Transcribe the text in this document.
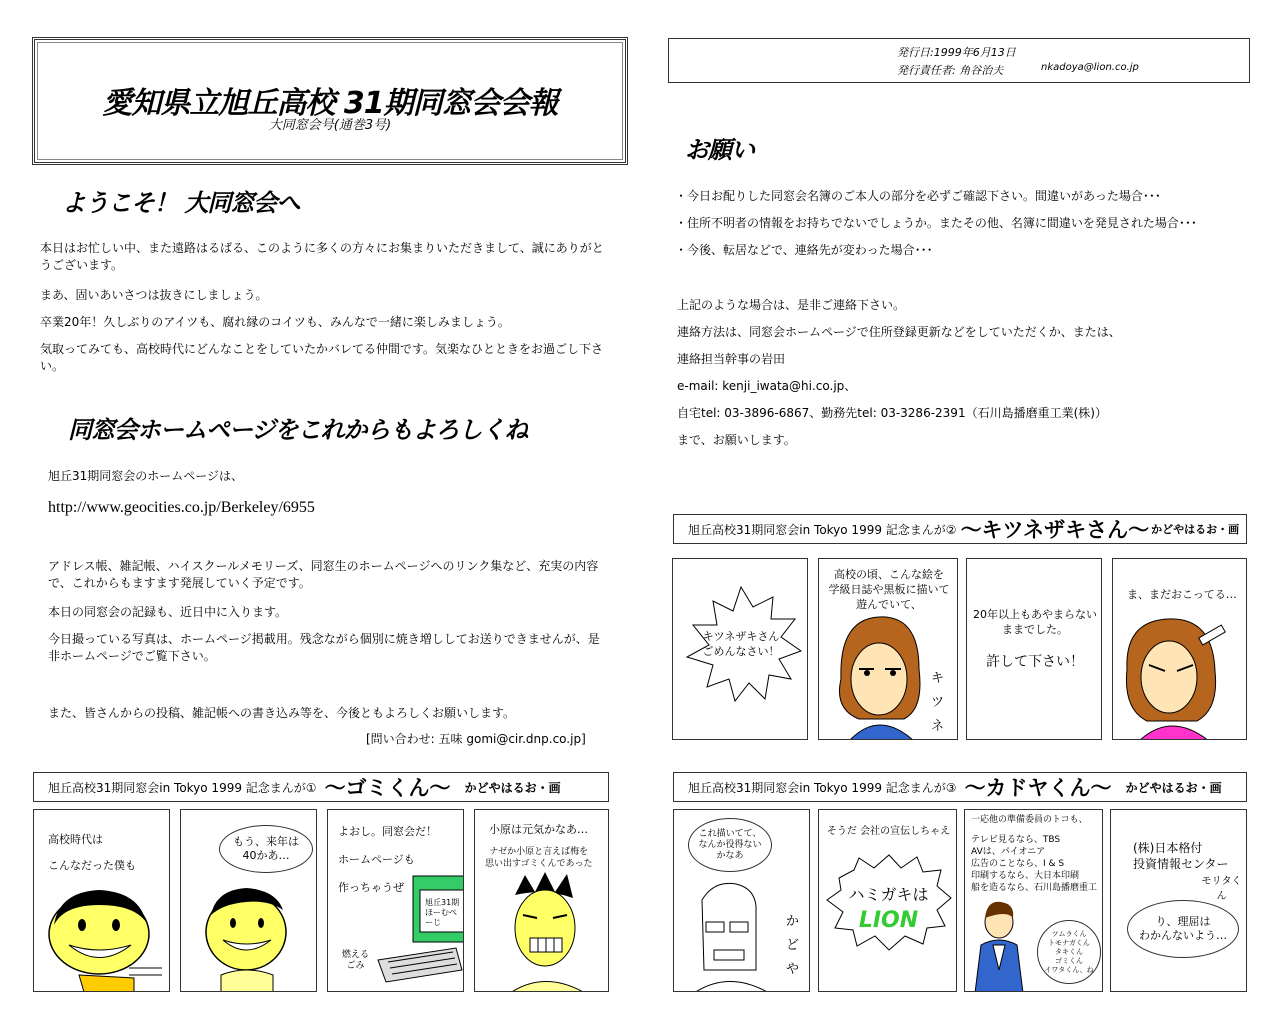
愛知県立旭丘高校 31期同窓会会報
大同窓会号(通巻3号)
ようこそ！ 大同窓会へ
本日はお忙しい中、また遠路はるばる、このように多くの方々にお集まりいただきまして、誠にありがとうございます。
まあ、固いあいさつは抜きにしましょう。
卒業20年！久しぶりのアイツも、腐れ縁のコイツも、みんなで一緒に楽しみましょう。
気取ってみても、高校時代にどんなことをしていたかバレてる仲間です。気楽なひとときをお過ごし下さい。
同窓会ホームページをこれからもよろしくね
旭丘31期同窓会のホームページは、
http://www.geocities.co.jp/Berkeley/6955
アドレス帳、雑記帳、ハイスクールメモリーズ、同窓生のホームページへのリンク集など、充実の内容で、これからもますます発展していく予定です。
本日の同窓会の記録も、近日中に入ります。
今日撮っている写真は、ホームページ掲載用。残念ながら個別に焼き増ししてお送りできませんが、是非ホームページでご覧下さい。
また、皆さんからの投稿、雑記帳への書き込み等を、今後ともよろしくお願いします。
[問い合わせ: 五味 gomi@cir.dnp.co.jp]
旭丘高校31期同窓会in Tokyo 1999 記念まんが① ～ゴミくん～ かどやはるお・画
高校時代は
こんなだった僕も
もう、来年は
40かあ…
よおし。同窓会だ！
ホームページも
作っちゃうぜ
旭丘31期
ほーむぺーじ
燃える
ごみ
小原は元気かなあ…
ナゼか小原と言えば梅を
思い出すゴミくんであった
発行日:1999年6月13日
発行責任者: 角谷治夫	nkadoya@lion.co.jp
お願い
・今日お配りした同窓会名簿のご本人の部分を必ずご確認下さい。間違いがあった場合･･･
・住所不明者の情報をお持ちでないでしょうか。またその他、名簿に間違いを発見された場合･･･
・今後、転居などで、連絡先が変わった場合･･･
上記のような場合は、是非ご連絡下さい。
連絡方法は、同窓会ホームページで住所登録更新などをしていただくか、または、
連絡担当幹事の岩田
e-mail: kenji_iwata@hi.co.jp、
自宅tel: 03-3896-6867、勤務先tel: 03-3286-2391（石川島播磨重工業(株)）
まで、お願いします。
旭丘高校31期同窓会in Tokyo 1999 記念まんが② ～キツネザキさん～ かどやはるお・画
キツネザキさん
ごめんなさい！
高校の頃、こんな絵を
学級日誌や黒板に描いて
遊んでいて、
キ
ツ
ネ
20年以上もあやまらない
ままでした。
許して下さい！
ま、まだおこってる…
旭丘高校31期同窓会in Tokyo 1999 記念まんが③ ～カドヤくん～ かどやはるお・画
これ描いてて、
なんか役得ない
かなあ
か
ど
や
そうだ 会社の宣伝しちゃえ
ハミガキは
LION
一応他の準備委員のトコも、
テレビ見るなら、TBS
AVは、パイオニア
広告のことなら、I & S
印刷するなら、大日本印刷
船を造るなら、石川島播磨重工
ツムラくん
トモナガくん
タキくん
ゴミくん
イワタくん、ね
(株)日本格付
投資情報センター
モリタくん
り、理屈は
わかんないよう…
